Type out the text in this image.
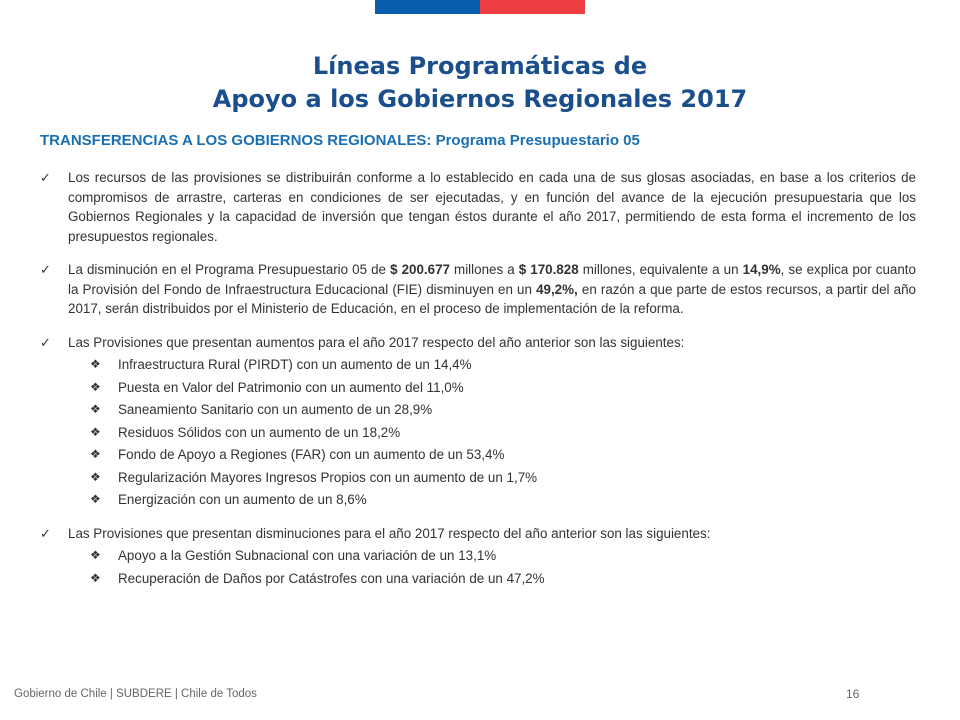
Líneas Programáticas de
Apoyo a los Gobiernos Regionales 2017
TRANSFERENCIAS A LOS GOBIERNOS REGIONALES: Programa Presupuestario 05
✓ Los recursos de las provisiones se distribuirán conforme a lo establecido en cada una de sus glosas asociadas, en base a los criterios de compromisos de arrastre, carteras en condiciones de ser ejecutadas, y en función del avance de la ejecución presupuestaria que los Gobiernos Regionales y la capacidad de inversión que tengan éstos durante el año 2017, permitiendo de esta forma el incremento de los presupuestos regionales.
✓ La disminución en el Programa Presupuestario 05 de $ 200.677 millones a $ 170.828 millones, equivalente a un 14,9%, se explica por cuanto la Provisión del Fondo de Infraestructura Educacional (FIE) disminuyen en un 49,2%, en razón a que parte de estos recursos, a partir del año 2017, serán distribuidos por el Ministerio de Educación, en el proceso de implementación de la reforma.
✓ Las Provisiones que presentan aumentos para el año 2017 respecto del año anterior son las siguientes:
❖ Infraestructura Rural (PIRDT) con un aumento de un 14,4%
❖ Puesta en Valor del Patrimonio con un aumento del 11,0%
❖ Saneamiento Sanitario con un aumento de un 28,9%
❖ Residuos Sólidos con un aumento de un 18,2%
❖ Fondo de Apoyo a Regiones (FAR) con un aumento de un 53,4%
❖ Regularización Mayores Ingresos Propios con un aumento de un 1,7%
❖ Energización con un aumento de un 8,6%
✓ Las Provisiones que presentan disminuciones para el año 2017 respecto del año anterior son las siguientes:
❖ Apoyo a la Gestión Subnacional con una variación de un 13,1%
❖ Recuperación de Daños por Catástrofes con una variación de un 47,2%
Gobierno de Chile | SUBDERE | Chile de Todos	16
